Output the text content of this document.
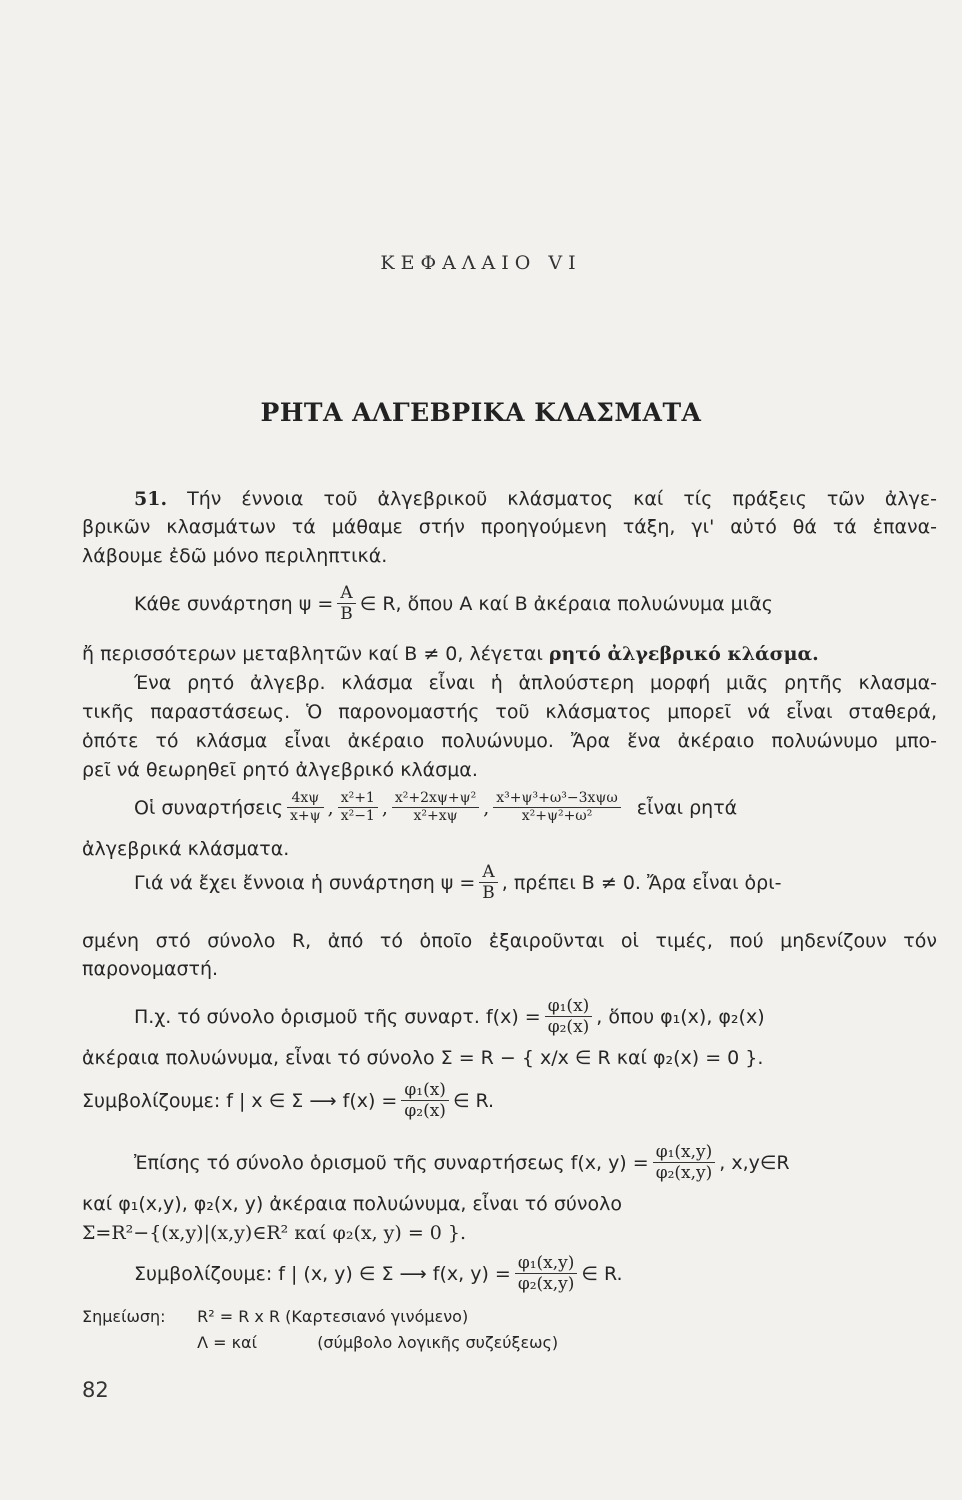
ΚΕΦΑΛΑΙΟ VI
ΡΗΤΑ ΑΛΓΕΒΡΙΚΑ ΚΛΑΣΜΑΤΑ
51. Τήν έννοια τοῦ ἀλγεβρικοῦ κλάσματος καί τίς πράξεις τῶν ἀλγε-
βρικῶν κλασμάτων τά μάθαμε στήν προηγούμενη τάξη, γι' αὐτό θά τά ἐπανα-
λάβουμε ἐδῶ μόνο περιληπτικά.
Κάθε συνάρτηση $\psi = \frac{A}{B}$ ∈ R, ὅπου A καί B ἀκέραια πολυώνυμα μιᾶς
ἤ περισσότερων μεταβλητῶν καί B ≠ 0, λέγεται ρητό ἀλγεβρικό κλάσμα.
Ένα ρητό ἀλγεβρ. κλάσμα εἶναι ἡ ἁπλούστερη μορφή μιᾶς ρητῆς κλασμα-
τικῆς παραστάσεως. Ὁ παρονομαστής τοῦ κλάσματος μπορεῖ νά εἶναι σταθερά,
ὁπότε τό κλάσμα εἶναι ἀκέραιο πολυώνυμο. Ἄρα ἕνα ἀκέραιο πολυώνυμο μπο-
ρεῖ νά θεωρηθεῖ ρητό ἀλγεβρικό κλάσμα.
Οἱ συναρτήσεις $\frac{4x\psi}{x+\psi}$ , $\frac{\text{x²+1}}{\text{x²−1}}$ , $\frac{\text{x²+2xψ+ψ²}}{\text{x²+xψ}}$ , $\frac{\text{x³+ψ³+ω³−3xψω}}{\text{x²+ψ²+ω²}}$ εἶναι ρητά
ἀλγεβρικά κλάσματα.
Γιά νά ἔχει ἔννοια ἡ συνάρτηση $\psi = \frac{A}{B}$ , πρέπει B ≠ 0. Ἄρα εἶναι ὁρι-
σμένη στό σύνολο R, ἀπό τό ὁποῖο ἐξαιροῦνται οἱ τιμές, πού μηδενίζουν τόν
παρονομαστή.
Π.χ. τό σύνολο ὁρισμοῦ τῆς συναρτ. $f(x) = \frac{\text{φ₁(x)}}{\text{φ₂(x)}}$ , ὅπου φ₁(x), φ₂(x)
ἀκέραια πολυώνυμα, εἶναι τό σύνολο Σ = R − { x/x ∈ R καί φ₂(x) = 0 }.
Συμβολίζουμε: f | x ∈ Σ ⟶ $f(x) = \frac{\text{φ₁(x)}}{\text{φ₂(x)}}$ ∈ R.
Ἐπίσης τό σύνολο ὁρισμοῦ τῆς συναρτήσεως f(x, $y) = \frac{\text{φ₁(x,y)}}{\text{φ₂(x,y)}}$ , x,y∈R
καί φ₁(x,y), φ₂(x, y) ἀκέραια πολυώνυμα, εἶναι τό σύνολο
Σ=R²−{(x,y)|(x,y)∈R² καί φ₂(x, y) = 0 }.
Συμβολίζουμε: f | (x, y) ∈ Σ ⟶ f(x, $y) = \frac{\text{φ₁(x,y)}}{\text{φ₂(x,y)}}$ ∈ R.
Σημείωση: R² = R x R (Καρτεσιανό γινόμενο)
Λ = καί	(σύμβολο λογικῆς συζεύξεως)
82
